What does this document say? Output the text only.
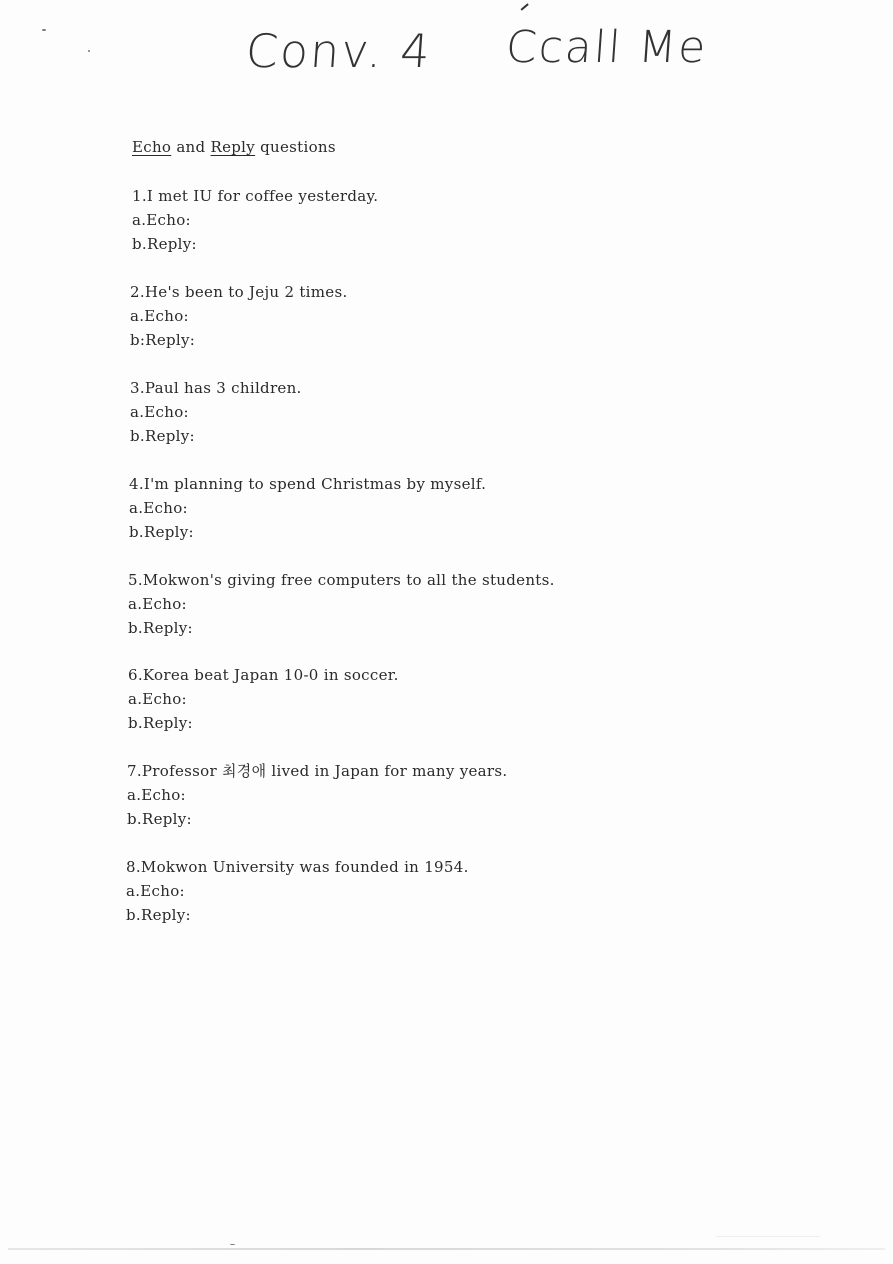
Conv. 4 Ccall Me
Echo and Reply questions
1.I met IU for coffee yesterday.
a.Echo:
b.Reply:
2.He's been to Jeju 2 times.
a.Echo:
b:Reply:
3.Paul has 3 children.
a.Echo:
b.Reply:
4.I'm planning to spend Christmas by myself.
a.Echo:
b.Reply:
5.Mokwon's giving free computers to all the students.
a.Echo:
b.Reply:
6.Korea beat Japan 10-0 in soccer.
a.Echo:
b.Reply:
7.Professor 최경애 lived in Japan for many years.
a.Echo:
b.Reply:
8.Mokwon University was founded in 1954.
a.Echo:
b.Reply:
